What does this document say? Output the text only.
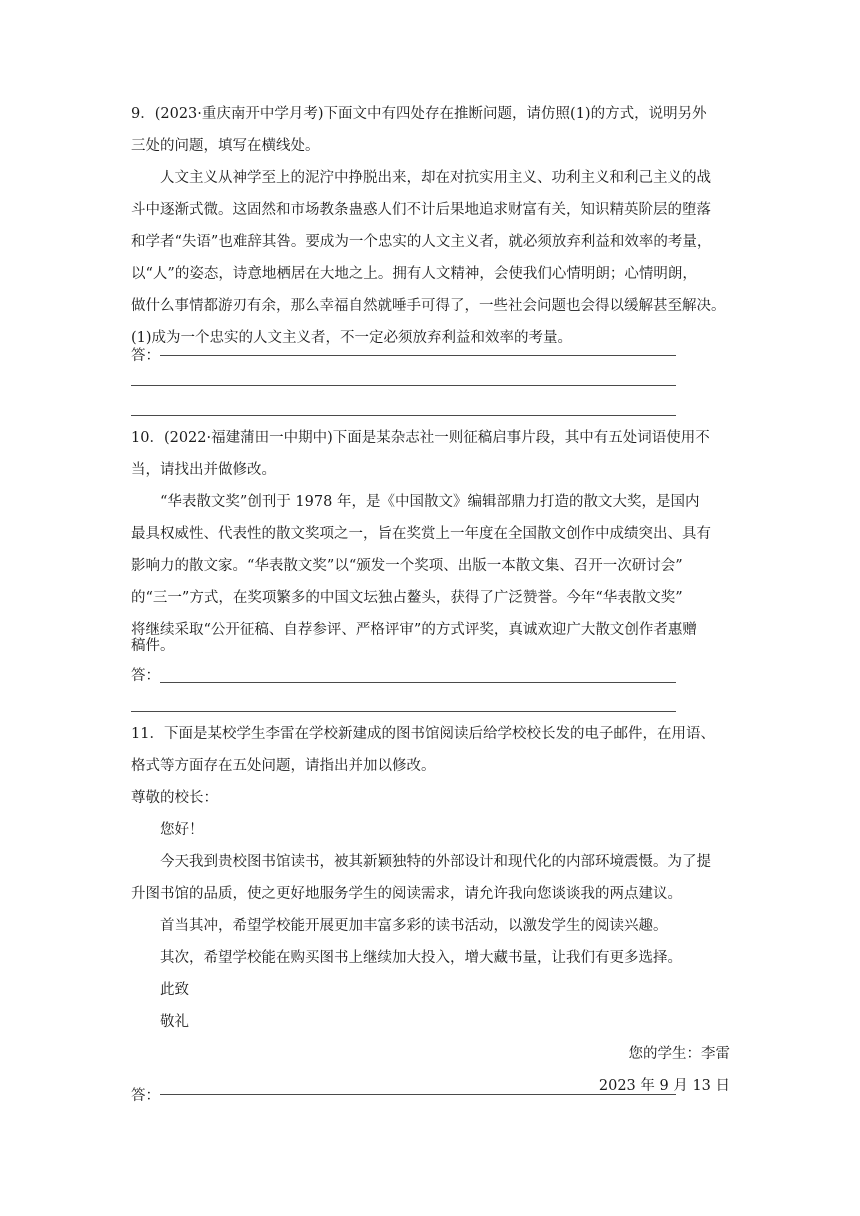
9．(2023·重庆南开中学月考)下面文中有四处存在推断问题，请仿照(1)的方式，说明另外
三处的问题，填写在横线处。
人文主义从神学至上的泥泞中挣脱出来，却在对抗实用主义、功利主义和利己主义的战
斗中逐渐式微。这固然和市场教条蛊惑人们不计后果地追求财富有关，知识精英阶层的堕落
和学者“失语”也难辞其咎。要成为一个忠实的人文主义者，就必须放弃利益和效率的考量，
以“人”的姿态，诗意地栖居在大地之上。拥有人文精神，会使我们心情明朗；心情明朗，
做什么事情都游刃有余，那么幸福自然就唾手可得了，一些社会问题也会得以缓解甚至解决。
(1)成为一个忠实的人文主义者，不一定必须放弃利益和效率的考量。
答：
10．(2022·福建蒲田一中期中)下面是某杂志社一则征稿启事片段，其中有五处词语使用不
当，请找出并做修改。
“华表散文奖”创刊于 1978 年，是《中国散文》编辑部鼎力打造的散文大奖，是国内
最具权威性、代表性的散文奖项之一，旨在奖赏上一年度在全国散文创作中成绩突出、具有
影响力的散文家。“华表散文奖”以“颁发一个奖项、出版一本散文集、召开一次研讨会”
的“三一”方式，在奖项繁多的中国文坛独占鳌头，获得了广泛赞誉。今年“华表散文奖”
将继续采取“公开征稿、自荐参评、严格评审”的方式评奖，真诚欢迎广大散文创作者惠赠
稿件。
答：
11．下面是某校学生李雷在学校新建成的图书馆阅读后给学校校长发的电子邮件，在用语、
格式等方面存在五处问题，请指出并加以修改。
尊敬的校长：
您好！
今天我到贵校图书馆读书，被其新颖独特的外部设计和现代化的内部环境震慑。为了提
升图书馆的品质，使之更好地服务学生的阅读需求，请允许我向您谈谈我的两点建议。
首当其冲，希望学校能开展更加丰富多彩的读书活动，以激发学生的阅读兴趣。
其次，希望学校能在购买图书上继续加大投入，增大藏书量，让我们有更多选择。
此致
敬礼
您的学生：李雷
2023 年 9 月 13 日
答：
